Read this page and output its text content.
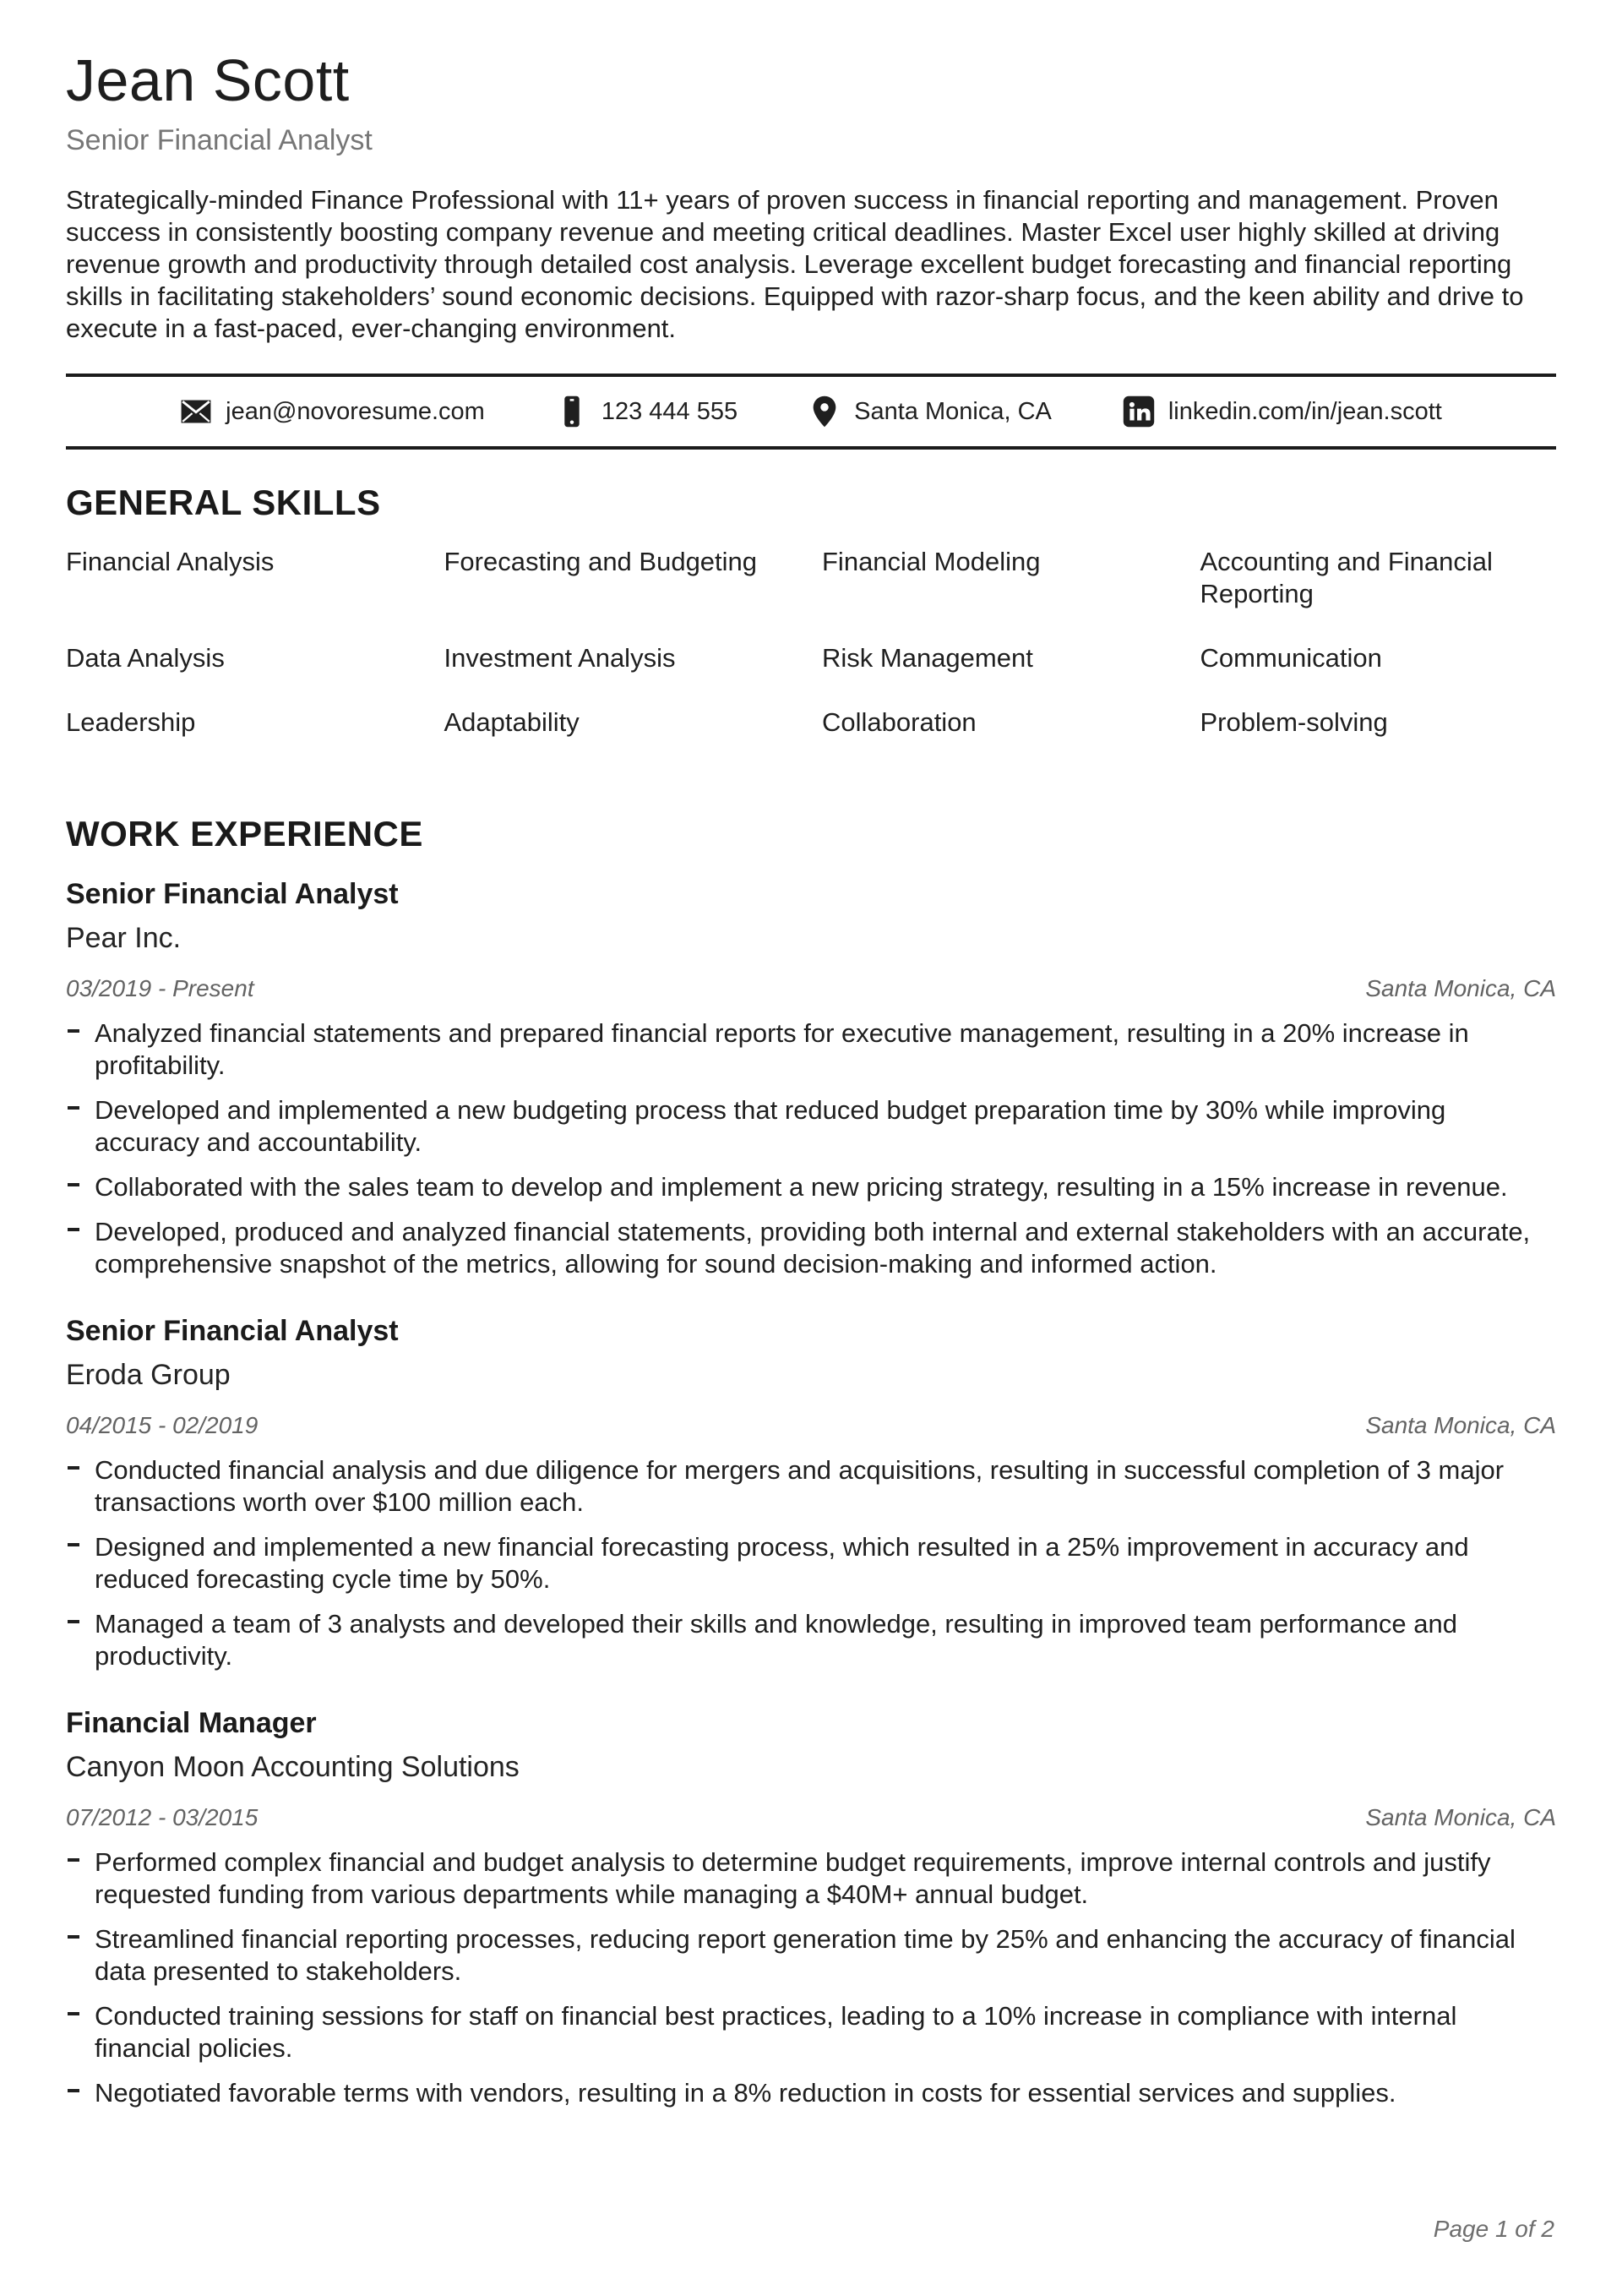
Jean Scott
Senior Financial Analyst
Strategically-minded Finance Professional with 11+ years of proven success in financial reporting and management. Proven success in consistently boosting company revenue and meeting critical deadlines. Master Excel user highly skilled at driving revenue growth and productivity through detailed cost analysis. Leverage excellent budget forecasting and financial reporting skills in facilitating stakeholders’ sound economic decisions. Equipped with razor-sharp focus, and the keen ability and drive to execute in a fast-paced, ever-changing environment.
jean@novoresume.com	123 444 555	Santa Monica, CA	linkedin.com/in/jean.scott
GENERAL SKILLS
Financial Analysis	Forecasting and Budgeting	Financial Modeling	Accounting and Financial Reporting
Data Analysis	Investment Analysis	Risk Management	Communication
Leadership	Adaptability	Collaboration	Problem-solving
WORK EXPERIENCE
Senior Financial Analyst
Pear Inc.
03/2019 - Present	Santa Monica, CA
Analyzed financial statements and prepared financial reports for executive management, resulting in a 20% increase in profitability.
Developed and implemented a new budgeting process that reduced budget preparation time by 30% while improving accuracy and accountability.
Collaborated with the sales team to develop and implement a new pricing strategy, resulting in a 15% increase in revenue.
Developed, produced and analyzed financial statements, providing both internal and external stakeholders with an accurate, comprehensive snapshot of the metrics, allowing for sound decision-making and informed action.
Senior Financial Analyst
Eroda Group
04/2015 - 02/2019	Santa Monica, CA
Conducted financial analysis and due diligence for mergers and acquisitions, resulting in successful completion of 3 major transactions worth over $100 million each.
Designed and implemented a new financial forecasting process, which resulted in a 25% improvement in accuracy and reduced forecasting cycle time by 50%.
Managed a team of 3 analysts and developed their skills and knowledge, resulting in improved team performance and productivity.
Financial Manager
Canyon Moon Accounting Solutions
07/2012 - 03/2015	Santa Monica, CA
Performed complex financial and budget analysis to determine budget requirements, improve internal controls and justify requested funding from various departments while managing a $40M+ annual budget.
Streamlined financial reporting processes, reducing report generation time by 25% and enhancing the accuracy of financial data presented to stakeholders.
Conducted training sessions for staff on financial best practices, leading to a 10% increase in compliance with internal financial policies.
Negotiated favorable terms with vendors, resulting in a 8% reduction in costs for essential services and supplies.
Page 1 of 2
